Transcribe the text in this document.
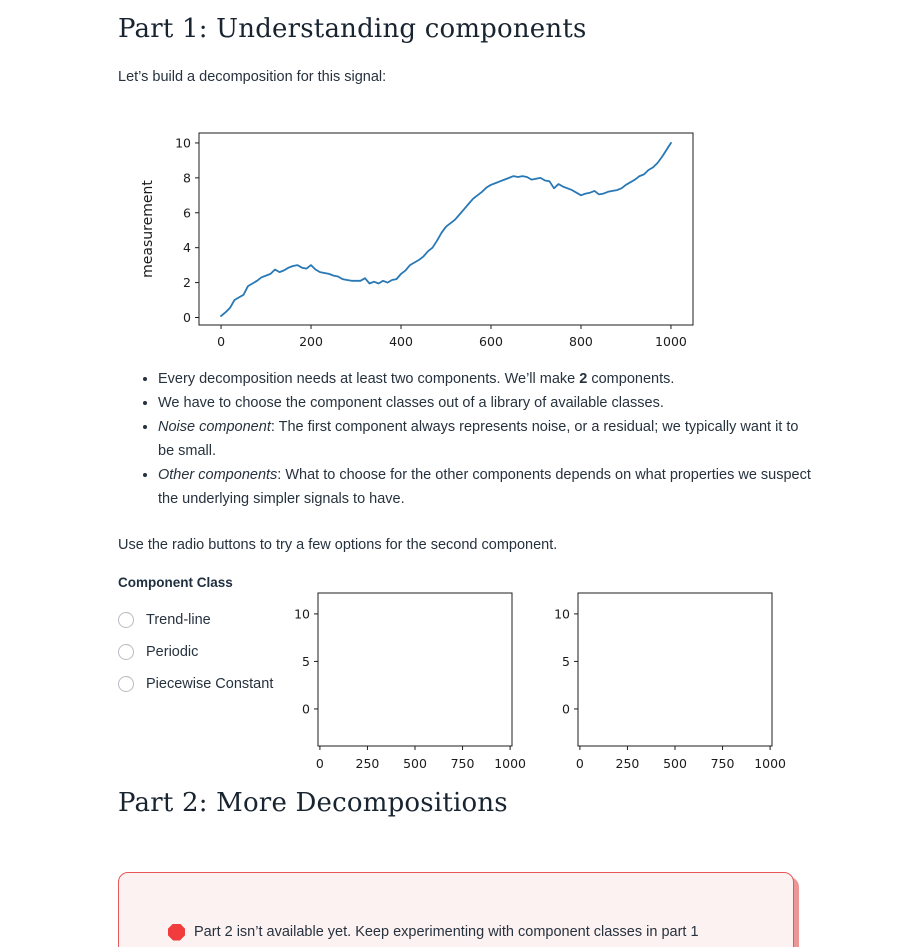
Part 1: Understanding components

Let’s build a decomposition for this signal:

0	200	400	600	800	1000
0
2
4
6
8
10
measurement
• Every decomposition needs at least two components. We’ll make 2 components.
• We have to choose the component classes out of a library of available classes.
• Noise component: The first component always represents noise, or a residual; we typically want it to be small.
• Other components: What to choose for the other components depends on what properties we suspect the underlying simpler signals to have.

Use the radio buttons to try a few options for the second component.

Component Class

Trend-line
Periodic
Piecewise Constant
0	250 500 750 1000
0
5
10
0	250 500 750 1000
0
5
10
Part 2: More Decompositions
Part 2 isn’t available yet. Keep experimenting with component classes in part 1
